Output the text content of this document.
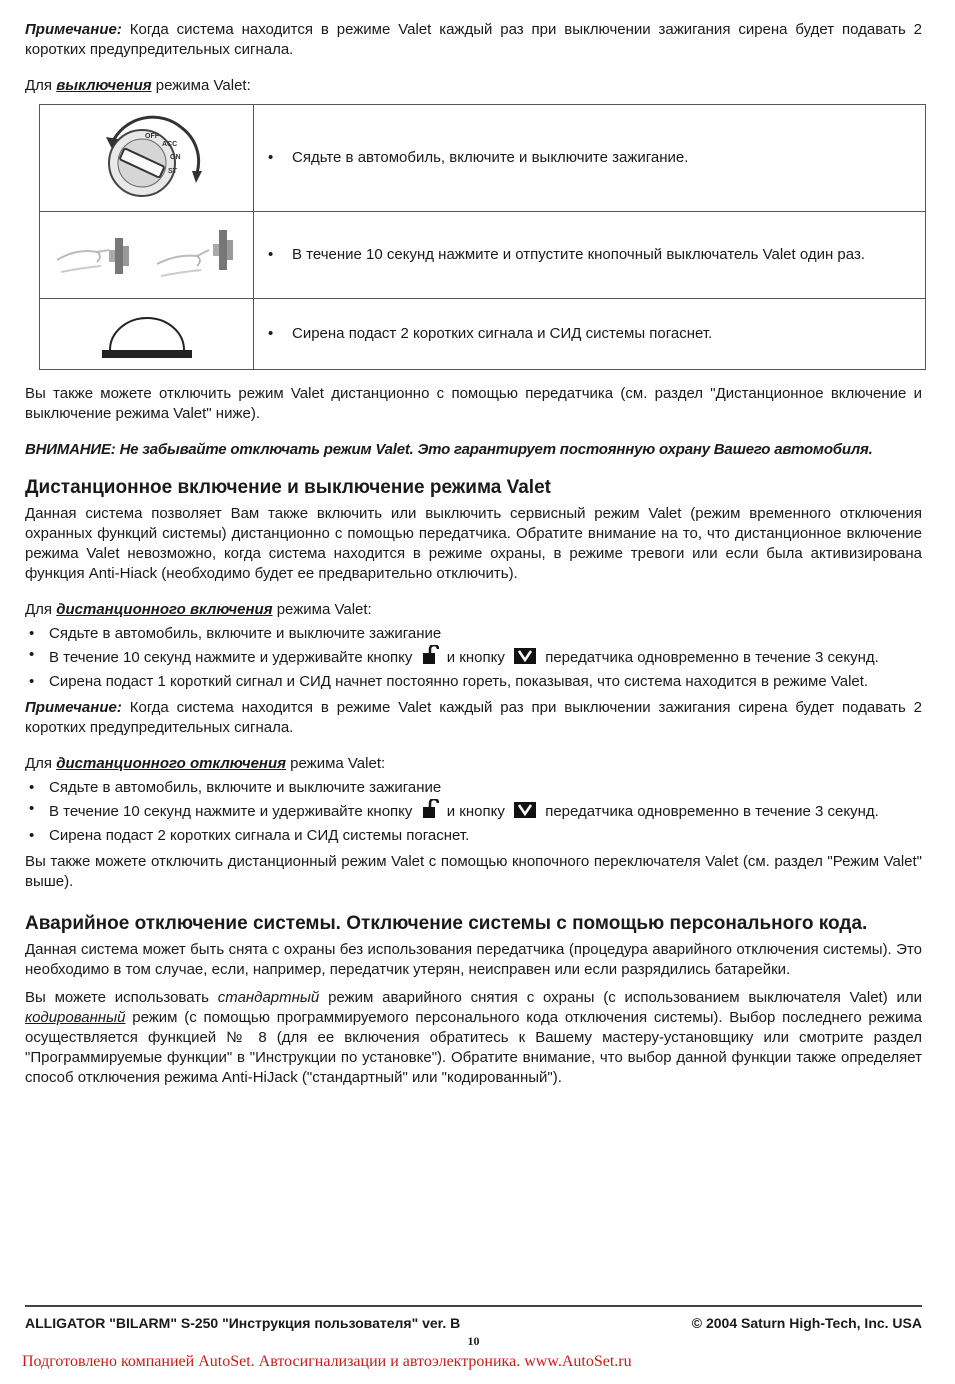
Примечание: Когда система находится в режиме Valet каждый раз при выключении зажигания сирена будет подавать 2 коротких предупредительных сигнала.

Для выключения режима Valet:

OFF
ACC
ON
ST
•	Сядьте в автомобиль, включите и выключите зажигание.
•	В течение 10 секунд нажмите и отпустите кнопочный выключатель Valet один раз.
•	Сирена подаст 2 коротких сигнала и СИД системы погаснет.

Вы также можете отключить режим Valet дистанционно с помощью передатчика (см. раздел "Дистанционное включение и выключение режима Valet" ниже).

ВНИМАНИЕ: Не забывайте отключать режим Valet. Это гарантирует постоянную охрану Вашего автомобиля.

Дистанционное включение и выключение режима Valet

Данная система позволяет Вам также включить или выключить сервисный режим Valet (режим временного отключения охранных функций системы) дистанционно с помощью передатчика. Обратите внимание на то, что дистанционное включение режима Valet невозможно, когда система находится в режиме охраны, в режиме тревоги или если была активизирована функция Anti-Hiack (необходимо будет ее предварительно отключить).

Для дистанционного включения режима Valet:

• Сядьте в автомобиль, включите и выключите зажигание
• В течение 10 секунд нажмите и удерживайте кнопку и кнопку	передатчика одновременно в течение 3 секунд.
• Сирена подаст 1 короткий сигнал и СИД начнет постоянно гореть, показывая, что система находится в режиме Valet.

Примечание: Когда система находится в режиме Valet каждый раз при выключении зажигания сирена будет подавать 2 коротких предупредительных сигнала.

Для дистанционного отключения режима Valet:

• Сядьте в автомобиль, включите и выключите зажигание
• В течение 10 секунд нажмите и удерживайте кнопку и кнопку	передатчика одновременно в течение 3 секунд.
• Сирена подаст 2 коротких сигнала и СИД системы погаснет.

Вы также можете отключить дистанционный режим Valet с помощью кнопочного переключателя Valet (см. раздел "Режим Valet" выше).

Аварийное отключение системы. Отключение системы с помощью персонального кода.

Данная система может быть снята с охраны без использования передатчика (процедура аварийного отключения системы). Это необходимо в том случае, если, например, передатчик утерян, неисправен или если разрядились батарейки.

Вы можете использовать стандартный режим аварийного снятия с охраны (с использованием выключателя Valet) или кодированный режим (с помощью программируемого персонального кода отключения системы). Выбор последнего режима осуществляется функцией № 8 (для ее включения обратитесь к Вашему мастеру-установщику или смотрите раздел "Программируемые функции" в "Инструкции по установке"). Обратите внимание, что выбор данной функции также определяет способ отключения режима Anti-HiJack ("стандартный" или "кодированный").

ALLIGATOR "BILARM" S-250 "Инструкция пользователя" ver. B	© 2004 Saturn High-Tech, Inc. USA
10
Подготовлено компанией AutoSet. Автосигнализации и автоэлектроника. www.AutoSet.ru
